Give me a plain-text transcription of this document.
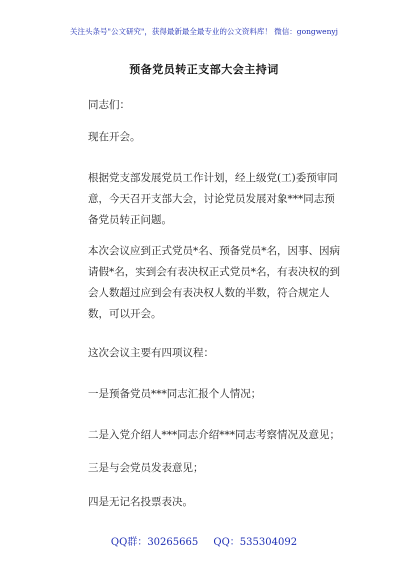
关注头条号"公文研究"，获得最新最全最专业的公文资料库！ 微信：gongwenyj
预备党员转正支部大会主持词

同志们：

现在开会。

根据党支部发展党员工作计划，经上级党(工)委预审同意，今天召开支部大会，讨论党员发展对象***同志预备党员转正问题。

本次会议应到正式党员*名、预备党员*名，因事、因病请假*名，实到会有表决权正式党员*名，有表决权的到会人数超过应到会有表决权人数的半数，符合规定人数，可以开会。

这次会议主要有四项议程：

一是预备党员***同志汇报个人情况；

二是入党介绍人***同志介绍***同志考察情况及意见；

三是与会党员发表意见；

四是无记名投票表决。

QQ群：30265665 QQ：535304092
